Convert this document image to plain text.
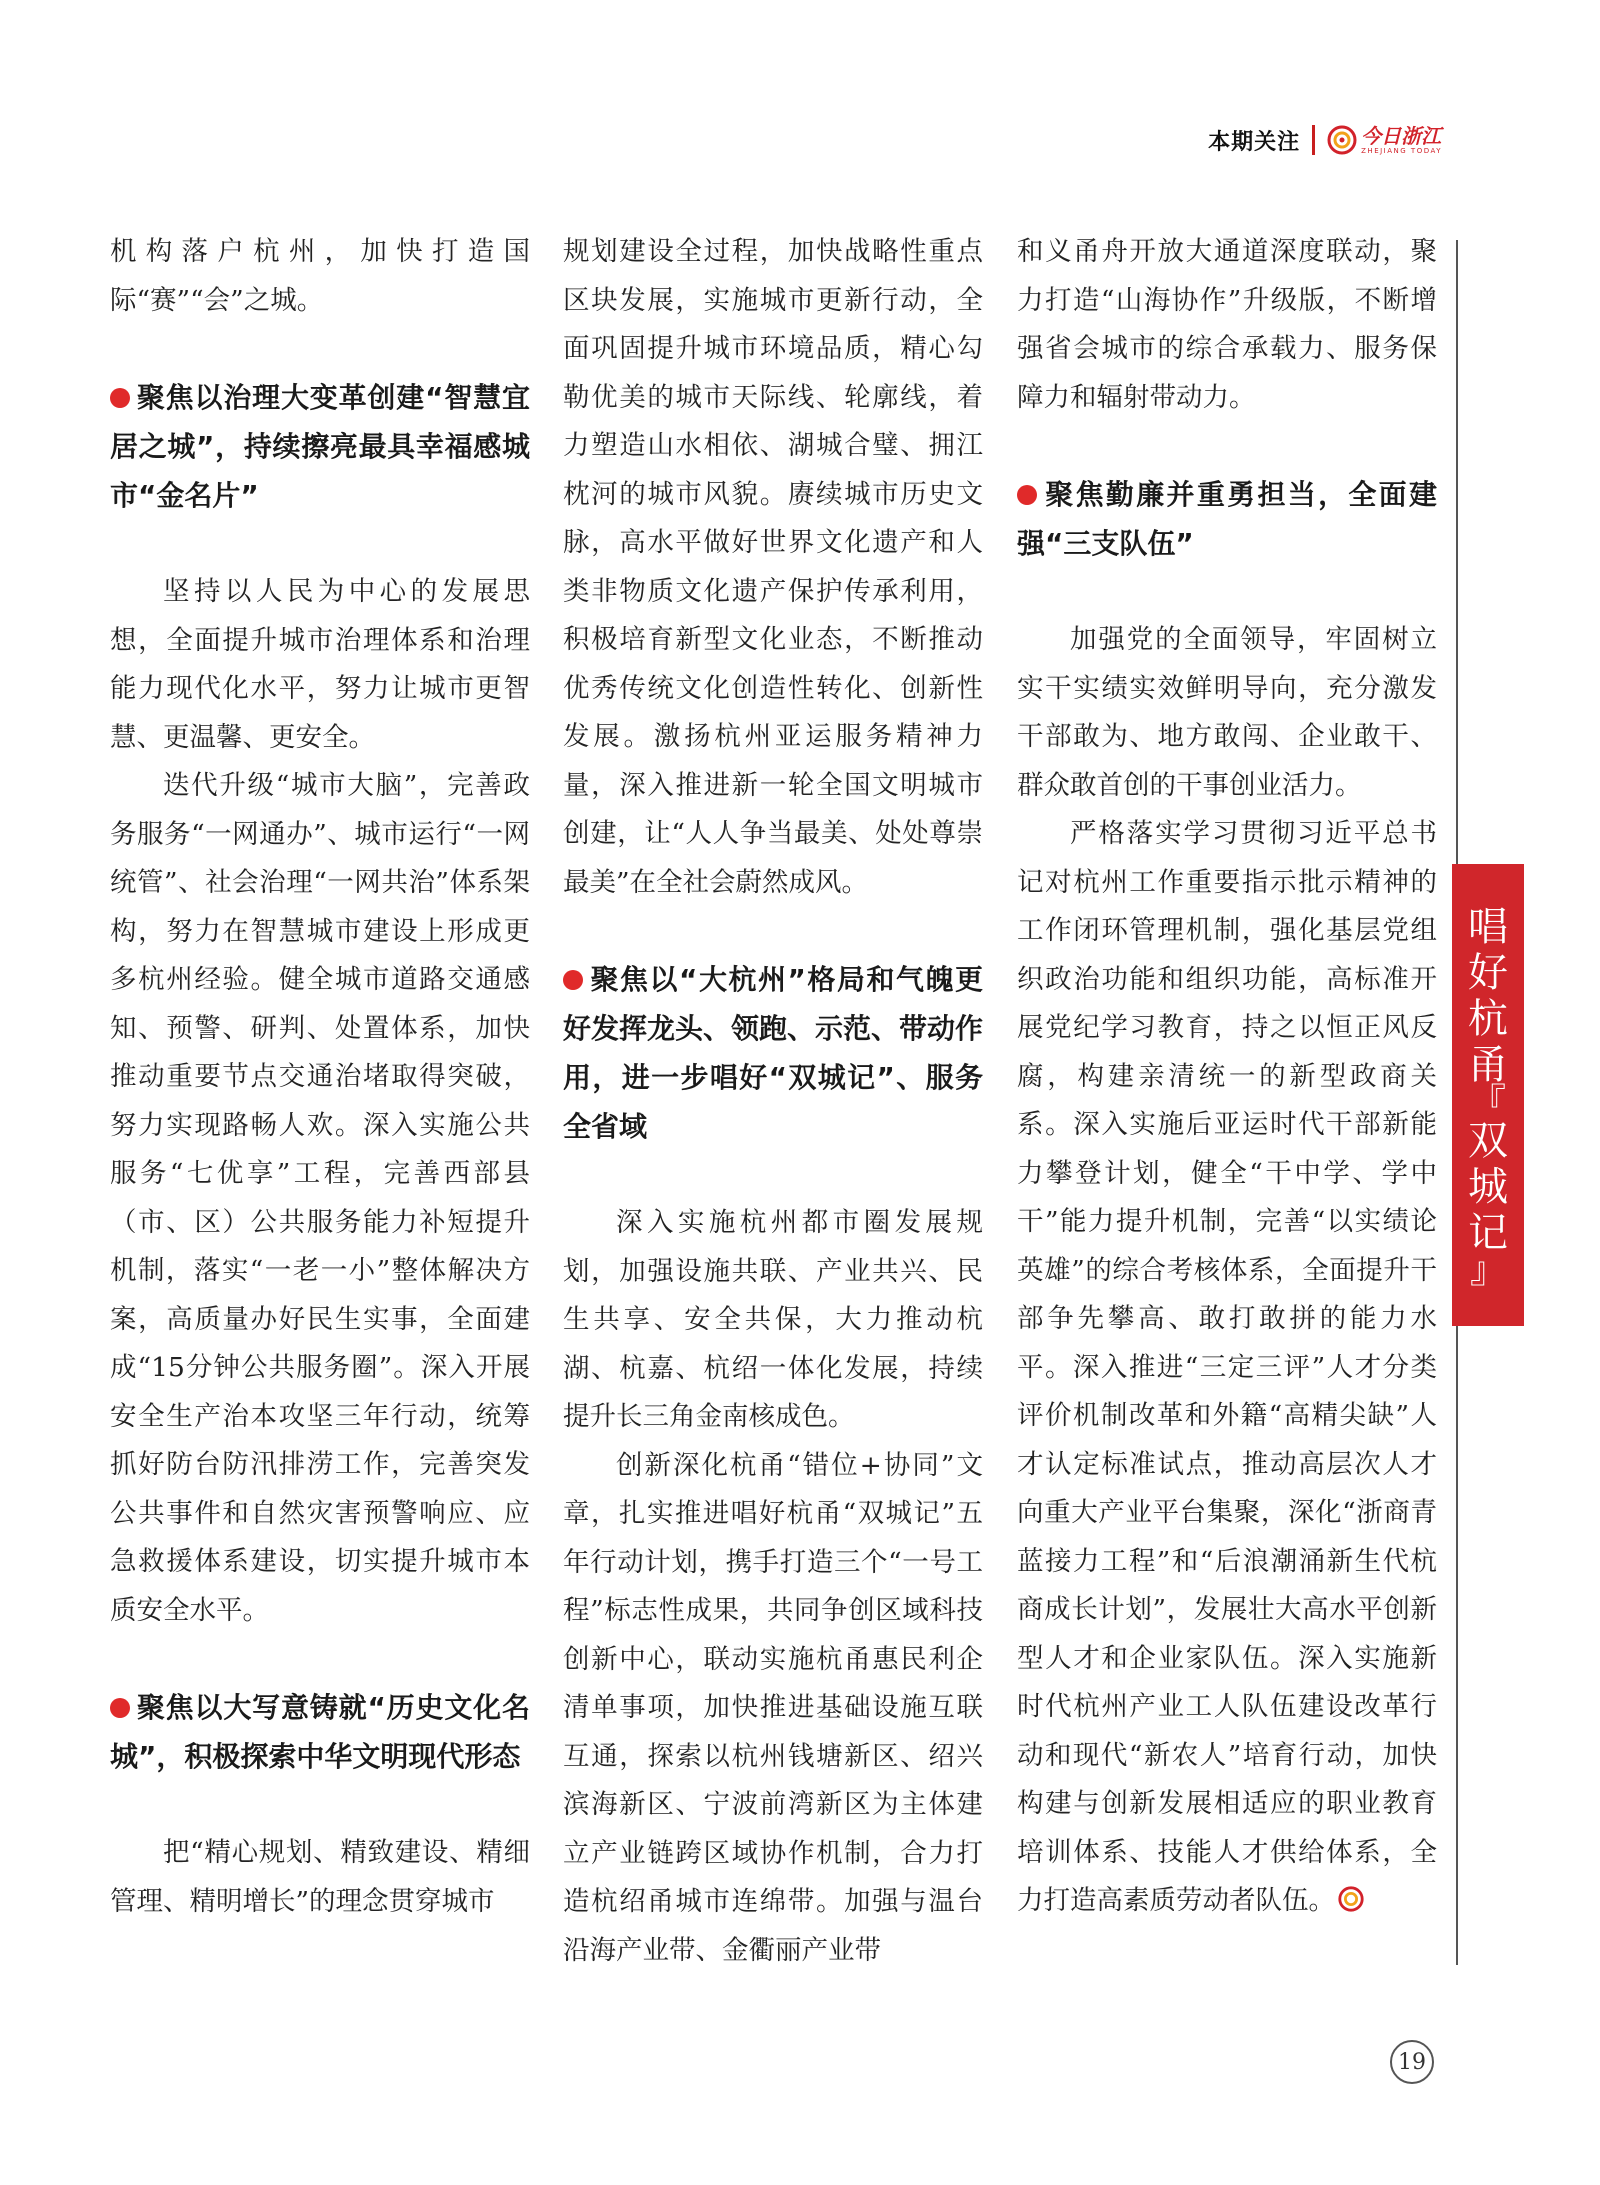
本期关注	今日浙江
ZHEJIANG TODAY

机构落户杭州，加快打造国际“赛”“会”之城。

聚焦以治理大变革创建“智慧宜居之城”，持续擦亮最具幸福感城市“金名片”

坚持以人民为中心的发展思想，全面提升城市治理体系和治理能力现代化水平，努力让城市更智慧、更温馨、更安全。

迭代升级“城市大脑”，完善政务服务“一网通办”、城市运行“一网统管”、社会治理“一网共治”体系架构，努力在智慧城市建设上形成更多杭州经验。健全城市道路交通感知、预警、研判、处置体系，加快推动重要节点交通治堵取得突破，努力实现路畅人欢。深入实施公共服务“七优享”工程，完善西部县（市、区）公共服务能力补短提升机制，落实“一老一小”整体解决方案，高质量办好民生实事，全面建成“15分钟公共服务圈”。深入开展安全生产治本攻坚三年行动，统筹抓好防台防汛排涝工作，完善突发公共事件和自然灾害预警响应、应急救援体系建设，切实提升城市本质安全水平。

聚焦以大写意铸就“历史文化名城”，积极探索中华文明现代形态

把“精心规划、精致建设、精细管理、精明增长”的理念贯穿城市

规划建设全过程，加快战略性重点区块发展，实施城市更新行动，全面巩固提升城市环境品质，精心勾勒优美的城市天际线、轮廓线，着力塑造山水相依、湖城合璧、拥江枕河的城市风貌。赓续城市历史文脉，高水平做好世界文化遗产和人类非物质文化遗产保护传承利用，积极培育新型文化业态，不断推动优秀传统文化创造性转化、创新性发展。激扬杭州亚运服务精神力量，深入推进新一轮全国文明城市创建，让“人人争当最美、处处尊崇最美”在全社会蔚然成风。

聚焦以“大杭州”格局和气魄更好发挥龙头、领跑、示范、带动作用，进一步唱好“双城记”、服务全省域

深入实施杭州都市圈发展规划，加强设施共联、产业共兴、民生共享、安全共保，大力推动杭湖、杭嘉、杭绍一体化发展，持续提升长三角金南核成色。

创新深化杭甬“错位+协同”文章，扎实推进唱好杭甬“双城记”五年行动计划，携手打造三个“一号工程”标志性成果，共同争创区域科技创新中心，联动实施杭甬惠民利企清单事项，加快推进基础设施互联互通，探索以杭州钱塘新区、绍兴滨海新区、宁波前湾新区为主体建立产业链跨区域协作机制，合力打造杭绍甬城市连绵带。加强与温台沿海产业带、金衢丽产业带

和义甬舟开放大通道深度联动，聚力打造“山海协作”升级版，不断增强省会城市的综合承载力、服务保障力和辐射带动力。

聚焦勤廉并重勇担当，全面建强“三支队伍”

加强党的全面领导，牢固树立实干实绩实效鲜明导向，充分激发干部敢为、地方敢闯、企业敢干、群众敢首创的干事创业活力。

严格落实学习贯彻习近平总书记对杭州工作重要指示批示精神的工作闭环管理机制，强化基层党组织政治功能和组织功能，高标准开展党纪学习教育，持之以恒正风反腐，构建亲清统一的新型政商关系。深入实施后亚运时代干部新能力攀登计划，健全“干中学、学中干”能力提升机制，完善“以实绩论英雄”的综合考核体系，全面提升干部争先攀高、敢打敢拼的能力水平。深入推进“三定三评”人才分类评价机制改革和外籍“高精尖缺”人才认定标准试点，推动高层次人才向重大产业平台集聚，深化“浙商青蓝接力工程”和“后浪潮涌新生代杭商成长计划”，发展壮大高水平创新型人才和企业家队伍。深入实施新时代杭州产业工人队伍建设改革行动和现代“新农人”培育行动，加快构建与创新发展相适应的职业教育培训体系、技能人才供给体系，全力打造高素质劳动者队伍。

唱
好
杭
甬
『
双
城
记
』
19
